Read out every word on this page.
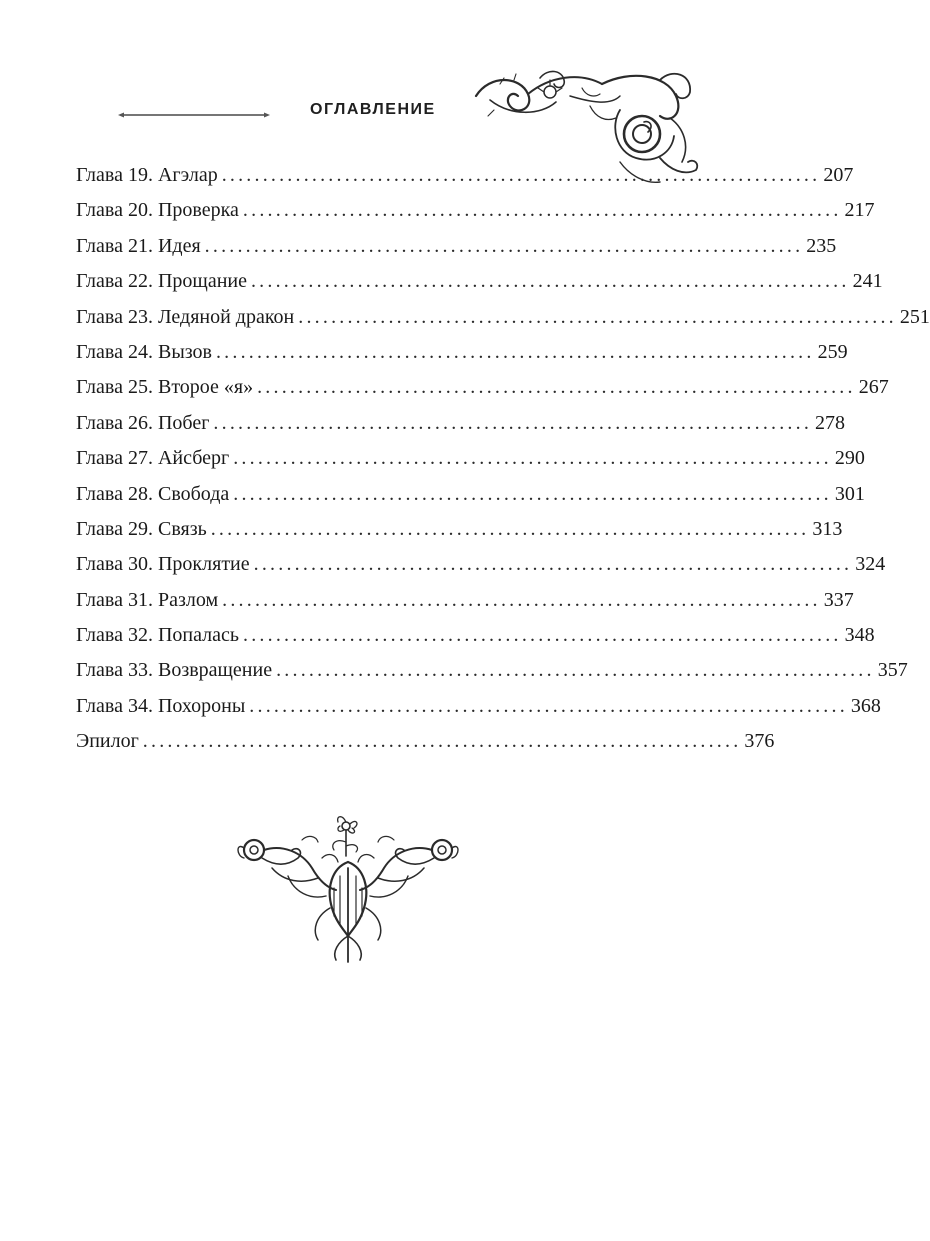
ОГЛАВЛЕНИЕ
Глава 19. Агэлар ......................................................................... 207
Глава 20. Проверка ......................................................................... 217
Глава 21. Идея ......................................................................... 235
Глава 22. Прощание ......................................................................... 241
Глава 23. Ледяной дракон ......................................................................... 251
Глава 24. Вызов ......................................................................... 259
Глава 25. Второе «я» ......................................................................... 267
Глава 26. Побег ......................................................................... 278
Глава 27. Айсберг ......................................................................... 290
Глава 28. Свобода ......................................................................... 301
Глава 29. Связь ......................................................................... 313
Глава 30. Проклятие ......................................................................... 324
Глава 31. Разлом ......................................................................... 337
Глава 32. Попалась ......................................................................... 348
Глава 33. Возвращение ......................................................................... 357
Глава 34. Похороны ......................................................................... 368
Эпилог ......................................................................... 376
